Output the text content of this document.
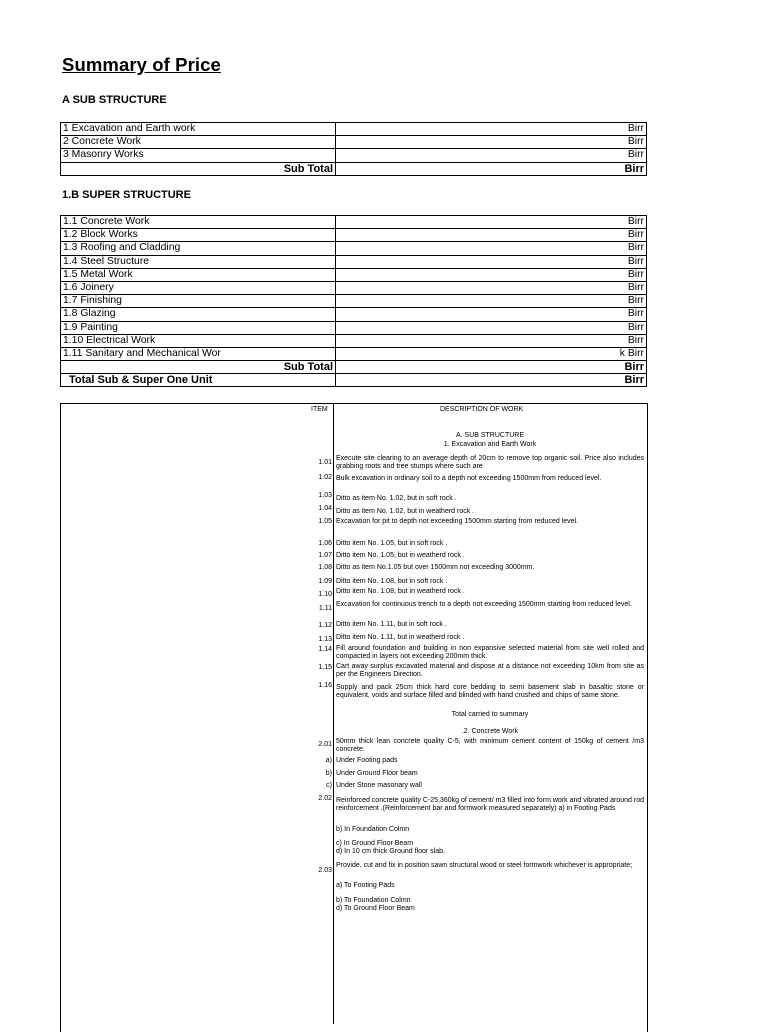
Summary of Price
A SUB STRUCTURE
1 Excavation and Earth work	Birr
2 Concrete Work	Birr
3 Masonry Works	Birr
Sub Total	Birr
1.B SUPER STRUCTURE
1.1 Concrete Work	Birr
1.2 Block Works	Birr
1.3 Roofing and Cladding	Birr
1.4 Steel Structure	Birr
1.5 Metal Work	Birr
1.6 Joinery	Birr
1.7 Finishing	Birr
1.8 Glazing	Birr
1.9 Painting	Birr
1.10 Electrical Work	Birr
1.11 Sanitary and Mechanical Wor	k Birr
Sub Total	Birr
Total Sub & Super One Unit	Birr
ITEM	DESCRIPTION OF WORK
A. SUB STRUCTURE
1. Excavation and Earth Work
1.01
Execute site clearing to an average depth of 20cm to remove top organic soil. Price also includes grabbing roots and tree stumps where such are
1.02 Bulk excavation in ordinary soil to a depth not exceeding 1500mm from reduced level.
1.03 Ditto as item No. 1.02, but in soft rock .
1.04 Ditto as item No. 1.02, but in weatherd rock .
1.05 Excavation for pit to depth not exceeding 1500mm starting from reduced level.
1.06 Ditto item No. 1.05, but in soft rock .
1.07 Ditto item No. 1.05, but in weatherd rock .
1.08 Ditto as item No.1.05 but over 1500mm not exceeding 3000mm.
1.09 Ditto item No. 1.08, but in soft rock .
1.10 Ditto item No. 1.08, but in weatherd rock .
1.11
Excavation for continuous trench to a depth not exceeding 1500mm starting from reduced level.
1.12 Ditto item No. 1.11, but in soft rock .
1.13 Ditto item No. 1.11, but in weatherd rock .
1.14 Fill around foundation and building in non expansive selected material from site well rolled and compacted in layers not exceeding 200mm thick.
1.15 Cart away surplus excavated material and dispose at a distance not exceeding 10km from site as per the Engineers Direction.
1.16 Supply and pack 25cm thick hard core bedding to semi basement slab in basaltic stone or equivalent, voids and surface filled and blinded with hand crushed and chips of same stone.
Total carried to summary
.2. Concrete Work
2.01 50mm thick lean concrete quality C-5, with minimum cement content of 150kg of cement /m3 concrete.
a) Under Footing pads
b) Under Ground Floor beam
c) Under Stone masonary wall
2.02 Reinforced concrete quality C-25,360kg of cement/ m3 filled into form work and vibrated around rod reinforcement .(Reinforcement bar and formwork measured separately) a) in Footing Pads
b) In Foundation Colmn
c) In Ground Floor Beam
d) In 10 cm thick Ground floor slab.
2.03
Provide, cut and fix in position sawn structural wood or steel formwork whichever is appropriate;
a) To Footing Pads
b) To Foundation Colmn
d) To Ground Floor Beam
